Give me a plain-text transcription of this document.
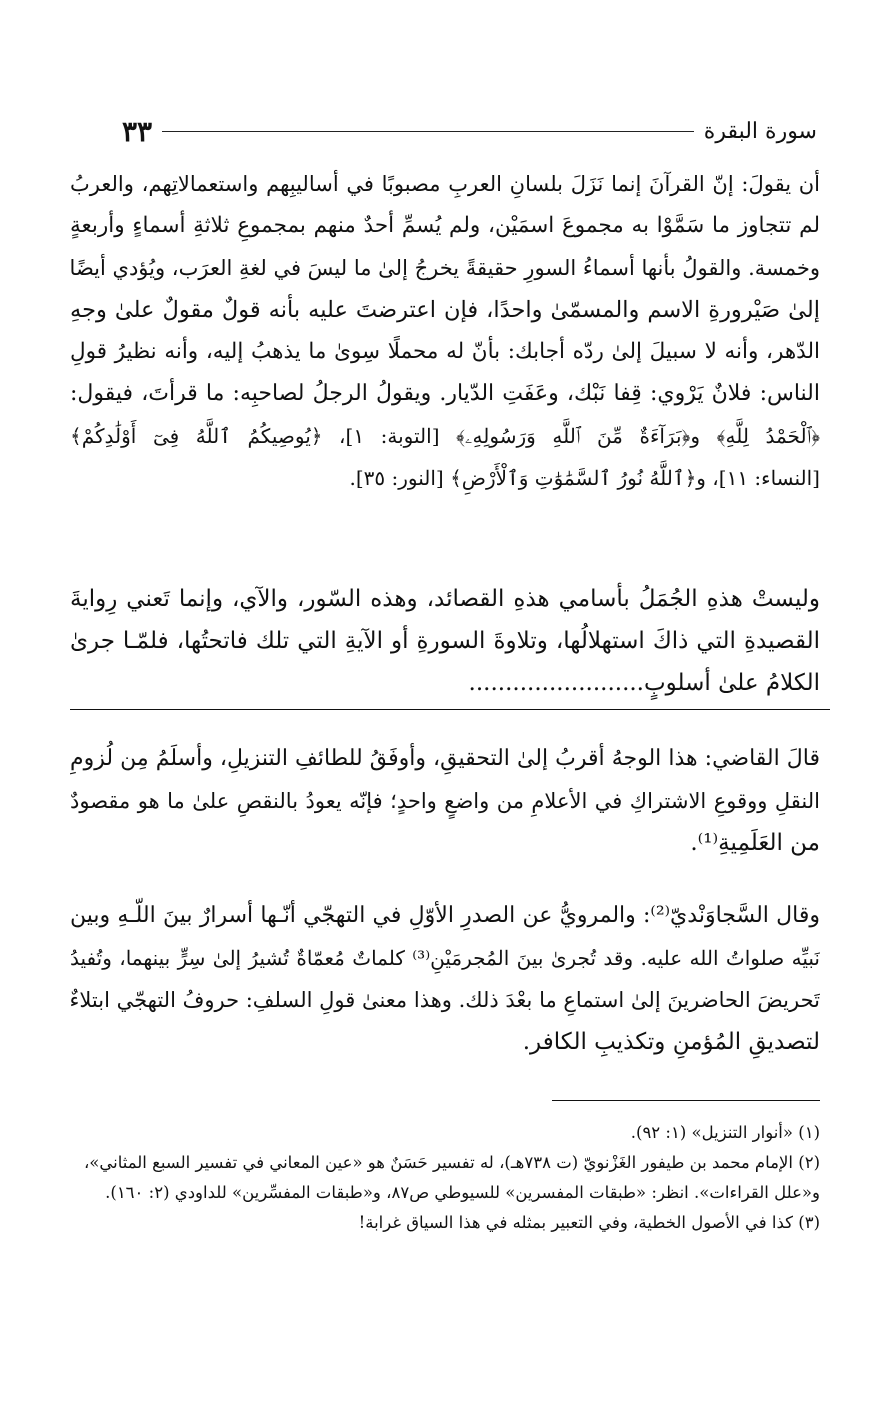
سورة البقرة
٣٣
أن يقولَ: إنّ القرآنَ إنما نَزَلَ بلسانِ العربِ مصبوبًا في أساليبِهم واستعمالاتِهم، والعربُ
لم تتجاوز ما سَمَّوْا به مجموعَ اسمَيْن، ولم يُسمِّ أحدٌ منهم بمجموعِ ثلاثةِ أسماءٍ وأربعةٍ
وخمسة. والقولُ بأنها أسماءُ السورِ حقيقةً يخرجُ إلىٰ ما ليسَ في لغةِ العرَب، ويُؤدي أيضًا
إلىٰ صَيْرورةِ الاسم والمسمّىٰ واحدًا، فإن اعترضتَ عليه بأنه قولٌ مقولٌ علىٰ وجهِ
الدّهر، وأنه لا سبيلَ إلىٰ ردّه أجابك: بأنّ له محملًا سِوىٰ ما يذهبُ إليه، وأنه نظيرُ قولِ
الناس: فلانٌ يَرْوي: قِفا نَبْك، وعَفَتِ الدّيار. ويقولُ الرجلُ لصاحبِه: ما قرأتَ، فيقول:
﴿ٱلْحَمْدُ لِلَّهِ﴾ و﴿بَرَآءَةٌ مِّنَ ٱللَّهِ وَرَسُولِهِۦ﴾ [التوبة: ١]، ﴿يُوصِيكُمُ ٱللَّهُ فِىٓ أَوْلَٰدِكُمْ﴾
[النساء: ١١]، و﴿ٱللَّهُ نُورُ ٱلسَّمَٰوَٰتِ وَٱلْأَرْضِ﴾ [النور: ٣٥].
وليستْ هذهِ الجُمَلُ بأسامي هذهِ القصائد، وهذه السّور، والآي، وإنما تَعني رِوايةَ
القصيدةِ التي ذاكَ استهلالُها، وتلاوةَ السورةِ أو الآيةِ التي تلك فاتحتُها، فلمّـا جرىٰ
الكلامُ علىٰ أسلوبٍ........................
قالَ القاضي: هذا الوجهُ أقربُ إلىٰ التحقيقِ، وأوفَقُ للطائفِ التنزيلِ، وأسلَمُ مِن لُزومِ
النقلِ ووقوعِ الاشتراكِ في الأعلامِ من واضعٍ واحدٍ؛ فإنّه يعودُ بالنقصِ علىٰ ما هو مقصودٌ
من العَلَمِيةِ⁽¹⁾.
وقال السَّجاوَنْديّ⁽²⁾: والمرويُّ عن الصدرِ الأوّلِ في التهجّي أنّـها أسرارٌ بينَ اللّـهِ وبين
نَبيِّه صلواتُ الله عليه. وقد تُجرىٰ بينَ المُجرمَيْنِ⁽³⁾ كلماتٌ مُعمّاةٌ تُشيرُ إلىٰ سِرٍّ بينهما، وتُفيدُ
تَحريضَ الحاضرينَ إلىٰ استماعِ ما بعْدَ ذلك. وهذا معنىٰ قولِ السلفِ: حروفُ التهجّي ابتلاءٌ
لتصديقِ المُؤمنِ وتكذيبِ الكافر.
(١) «أنوار التنزيل» (١: ٩٢).
(٢) الإمام محمد بن طيفور الغَزْنويّ (ت ٧٣٨هـ)، له تفسير حَسَنٌ هو «عين المعاني في تفسير السبع المثاني»،
و«علل القراءات». انظر: «طبقات المفسرين» للسيوطي ص٨٧، و«طبقات المفسِّرين» للداودي (٢: ١٦٠).
(٣) كذا في الأصول الخطية، وفي التعبير بمثله في هذا السياق غرابة!
